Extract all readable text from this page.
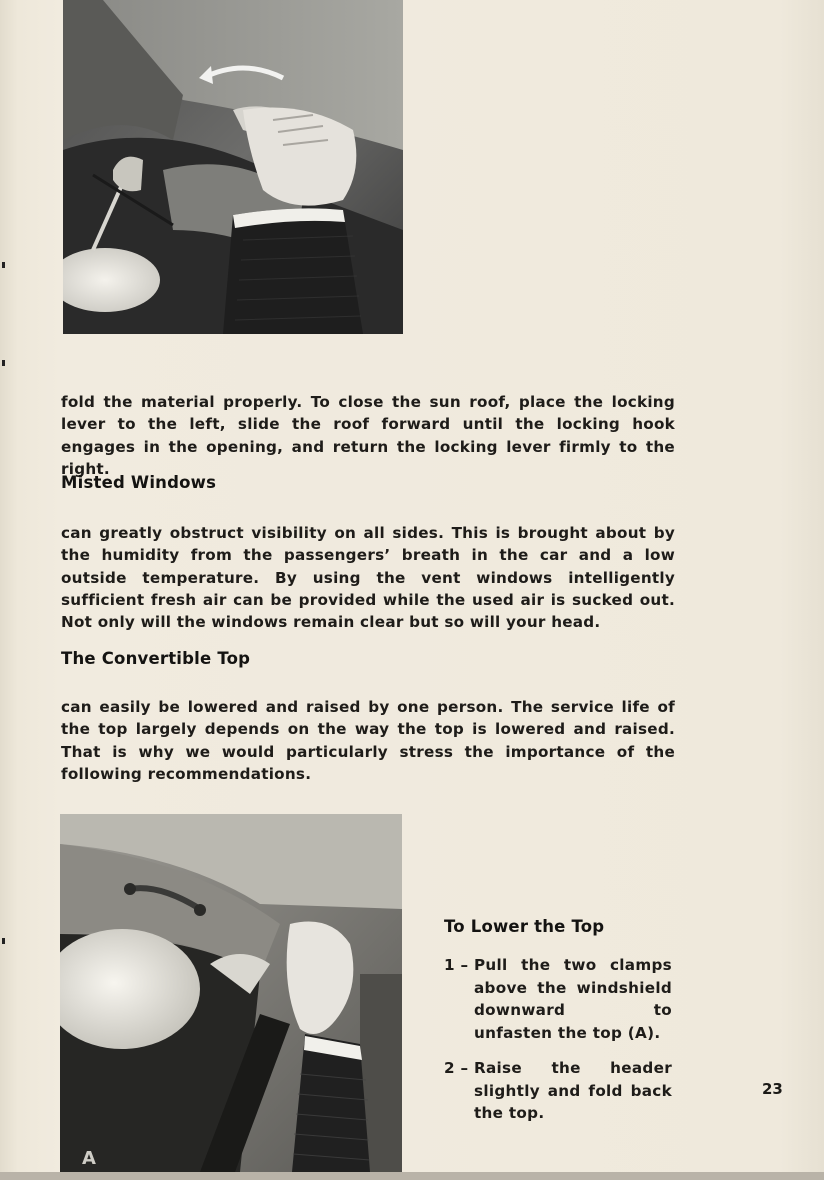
fold the material properly. To close the sun roof, place the locking lever to the left, slide the roof forward until the locking hook engages in the opening, and return the locking lever firmly to the right.

Misted Windows

can greatly obstruct visibility on all sides. This is brought about by the humidity from the passengers’ breath in the car and a low outside temperature. By using the vent windows intelligently sufficient fresh air can be provided while the used air is sucked out. Not only will the windows remain clear but so will your head.

The Convertible Top

can easily be lowered and raised by one person. The service life of the top largely depends on the way the top is lowered and raised. That is why we would particularly stress the importance of the following recommendations.

A
To Lower the Top
1 – Pull the two clamps above the windshield downward to unfasten the top (A).
2 – Raise the header slightly and fold back the top.
23
